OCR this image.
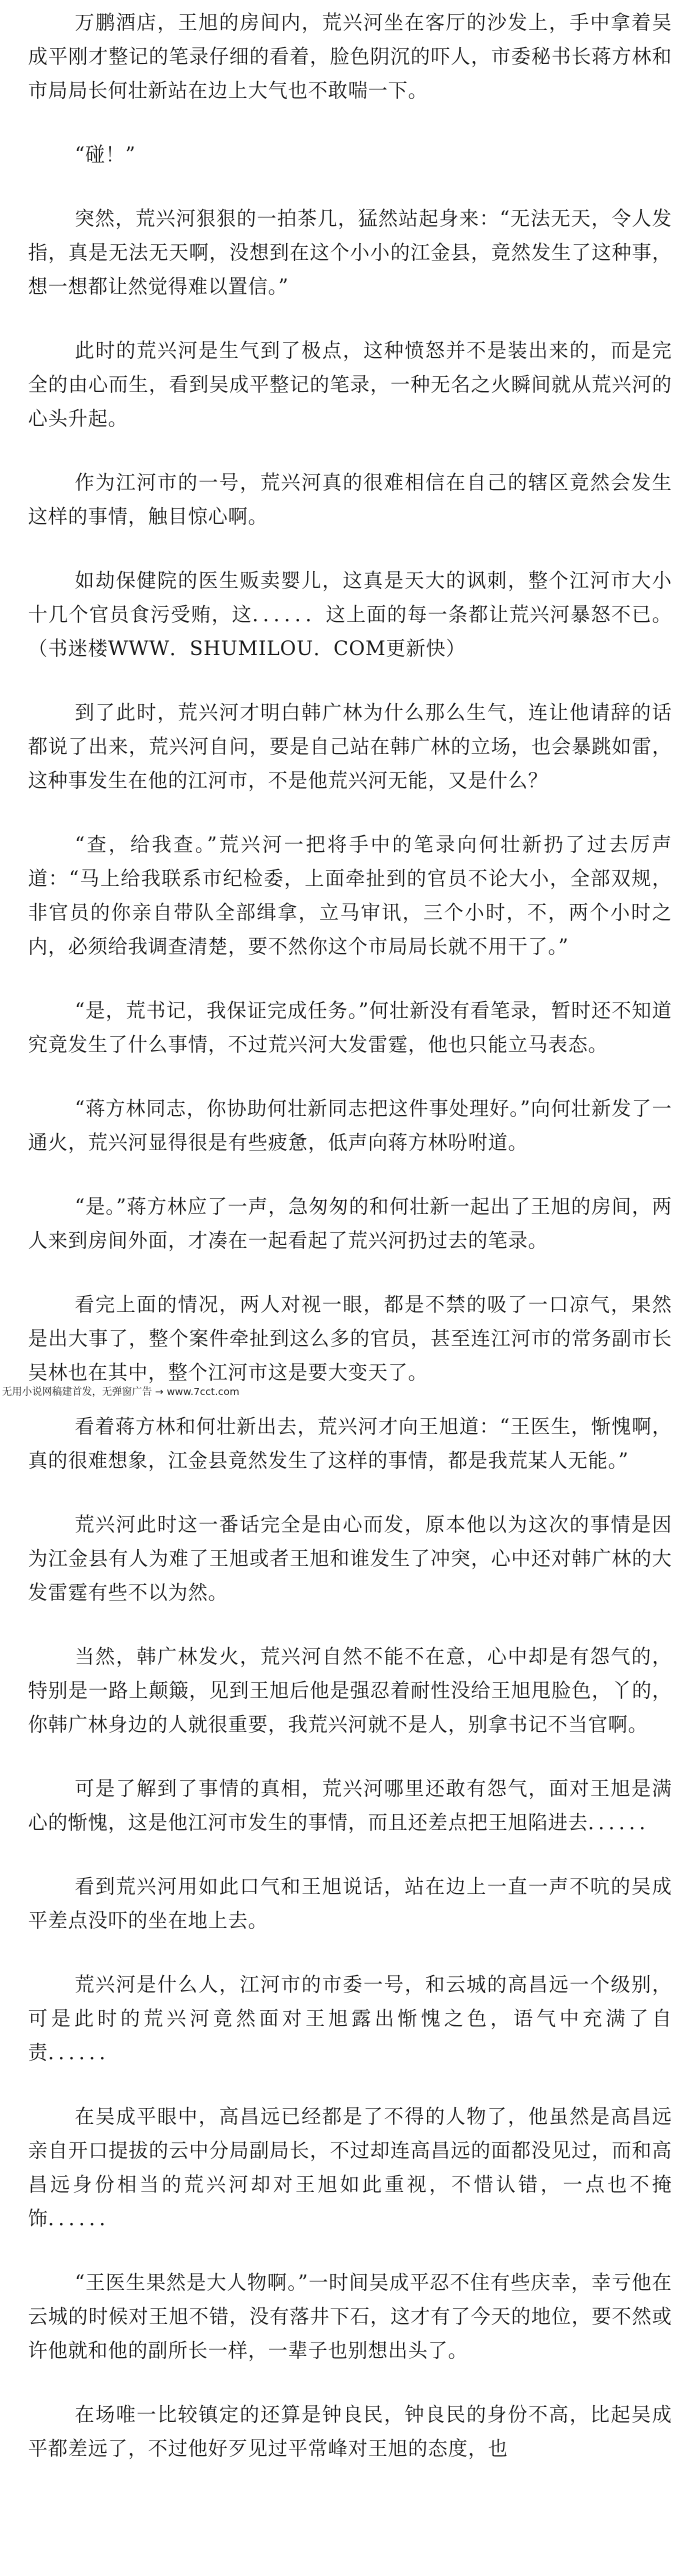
万鹏酒店，王旭的房间内，荒兴河坐在客厅的沙发上，手中拿着吴成平刚才整记的笔录仔细的看着，脸色阴沉的吓人，市委秘书长蒋方林和市局局长何壮新站在边上大气也不敢喘一下。

“碰！”

突然，荒兴河狠狠的一拍茶几，猛然站起身来：“无法无天，令人发指，真是无法无天啊，没想到在这个小小的江金县，竟然发生了这种事，想一想都让然觉得难以置信。”

此时的荒兴河是生气到了极点，这种愤怒并不是装出来的，而是完全的由心而生，看到吴成平整记的笔录，一种无名之火瞬间就从荒兴河的心头升起。

作为江河市的一号，荒兴河真的很难相信在自己的辖区竟然会发生这样的事情，触目惊心啊。

如劫保健院的医生贩卖婴儿，这真是天大的讽刺，整个江河市大小十几个官员食污受贿，这．．．．．．这上面的每一条都让荒兴河暴怒不已。（书迷楼WWW．SHUMILOU．COM更新快）

到了此时，荒兴河才明白韩广林为什么那么生气，连让他请辞的话都说了出来，荒兴河自问，要是自己站在韩广林的立场，也会暴跳如雷，这种事发生在他的江河市，不是他荒兴河无能，又是什么？

“查，给我查。”荒兴河一把将手中的笔录向何壮新扔了过去厉声道：“马上给我联系市纪检委，上面牵扯到的官员不论大小，全部双规，非官员的你亲自带队全部缉拿，立马审讯，三个小时，不，两个小时之内，必须给我调查清楚，要不然你这个市局局长就不用干了。”

“是，荒书记，我保证完成任务。”何壮新没有看笔录，暂时还不知道究竟发生了什么事情，不过荒兴河大发雷霆，他也只能立马表态。

“蒋方林同志，你协助何壮新同志把这件事处理好。”向何壮新发了一通火，荒兴河显得很是有些疲惫，低声向蒋方林吩咐道。

“是。”蒋方林应了一声，急匆匆的和何壮新一起出了王旭的房间，两人来到房间外面，才凑在一起看起了荒兴河扔过去的笔录。

看完上面的情况，两人对视一眼，都是不禁的吸了一口凉气，果然是出大事了，整个案件牵扯到这么多的官员，甚至连江河市的常务副市长吴林也在其中，整个江河市这是要大变天了。

无用小说网稿建首发，无弹窗广告 → www.7cct.com

看着蒋方林和何壮新出去，荒兴河才向王旭道：“王医生，惭愧啊，真的很难想象，江金县竟然发生了这样的事情，都是我荒某人无能。”

荒兴河此时这一番话完全是由心而发，原本他以为这次的事情是因为江金县有人为难了王旭或者王旭和谁发生了冲突，心中还对韩广林的大发雷霆有些不以为然。

当然，韩广林发火，荒兴河自然不能不在意，心中却是有怨气的，特别是一路上颠簸，见到王旭后他是强忍着耐性没给王旭甩脸色，丫的，你韩广林身边的人就很重要，我荒兴河就不是人，别拿书记不当官啊。

可是了解到了事情的真相，荒兴河哪里还敢有怨气，面对王旭是满心的惭愧，这是他江河市发生的事情，而且还差点把王旭陷进去．．．．．．

看到荒兴河用如此口气和王旭说话，站在边上一直一声不吭的吴成平差点没吓的坐在地上去。

荒兴河是什么人，江河市的市委一号，和云城的高昌远一个级别，可是此时的荒兴河竟然面对王旭露出惭愧之色，语气中充满了自责．．．．．．

在吴成平眼中，高昌远已经都是了不得的人物了，他虽然是高昌远亲自开口提拔的云中分局副局长，不过却连高昌远的面都没见过，而和高昌远身份相当的荒兴河却对王旭如此重视，不惜认错，一点也不掩饰．．．．．．

“王医生果然是大人物啊。”一时间吴成平忍不住有些庆幸，幸亏他在云城的时候对王旭不错，没有落井下石，这才有了今天的地位，要不然或许他就和他的副所长一样，一辈子也别想出头了。

在场唯一比较镇定的还算是钟良民，钟良民的身份不高，比起吴成平都差远了，不过他好歹见过平常峰对王旭的态度，也
